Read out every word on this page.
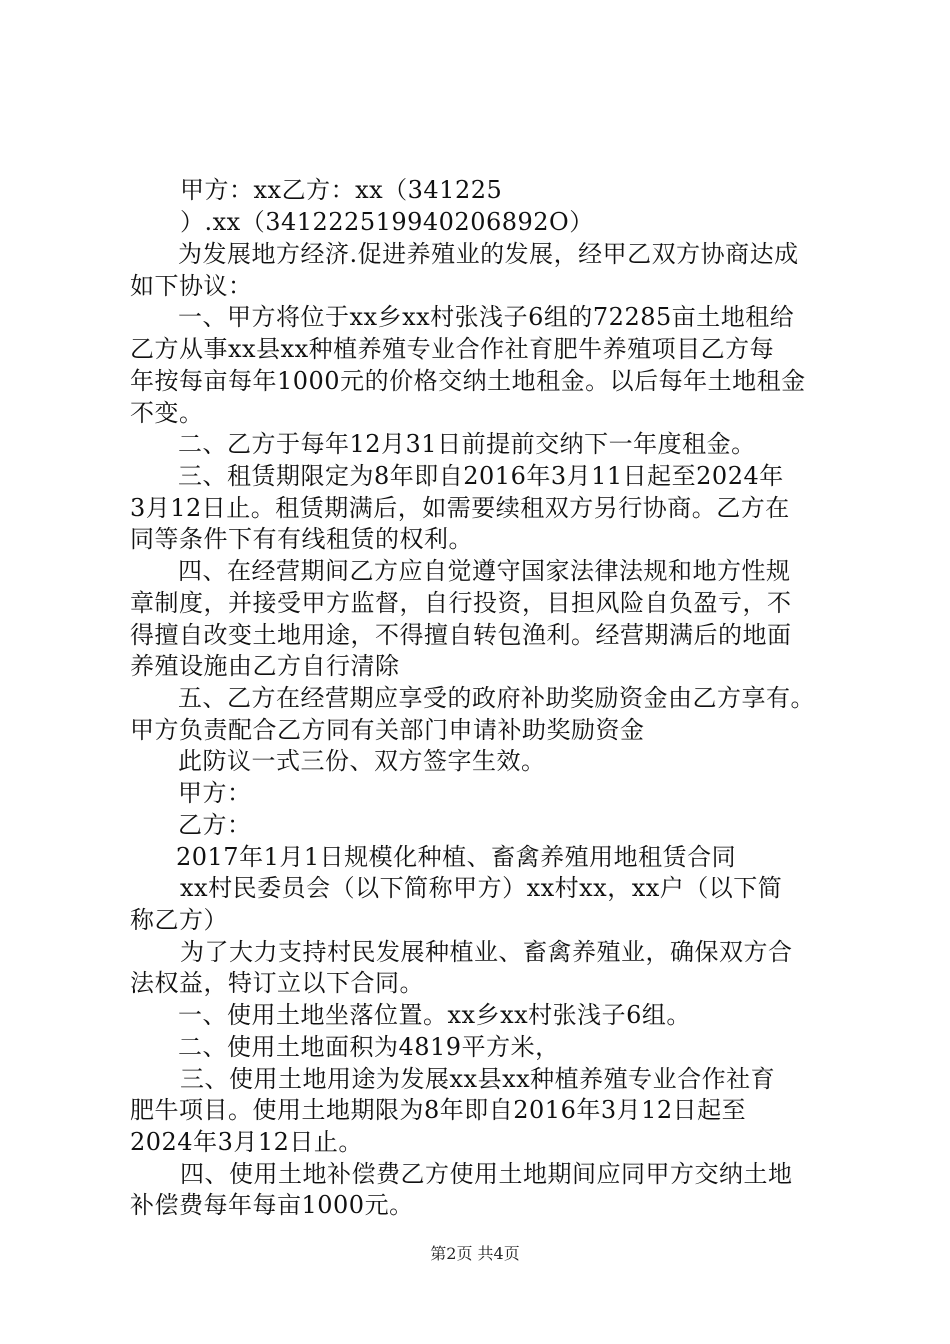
甲方：xx乙方：xx（341225
）.xx（341222519940206892O）
为发展地方经济.促进养殖业的发展，经甲乙双方协商达成
如下协议：
一、甲方将位于xx乡xx村张浅子6组的72285亩土地租给
乙方从事xx县xx种植养殖专业合作社育肥牛养殖项目乙方每
年按每亩每年1000元的价格交纳土地租金。以后每年土地租金
不变。
二、乙方于每年12月31日前提前交纳下一年度租金。
三、租赁期限定为8年即自2016年3月11日起至2024年
3月12日止。租赁期满后，如需要续租双方另行协商。乙方在
同等条件下有有线租赁的权利。
四、在经营期间乙方应自觉遵守国家法律法规和地方性规
章制度，并接受甲方监督，自行投资，目担风险自负盈亏，不
得擅自改变土地用途，不得擅自转包渔利。经营期满后的地面
养殖设施由乙方自行清除
五、乙方在经营期应享受的政府补助奖励资金由乙方享有。
甲方负责配合乙方同有关部门申请补助奖励资金
此防议一式三份、双方签字生效。
甲方：
乙方：
2017年1月1日规模化种植、畜禽养殖用地租赁合同
xx村民委员会（以下简称甲方）xx村xx，xx户（以下简
称乙方）
为了大力支持村民发展种植业、畜禽养殖业，确保双方合
法权益，特订立以下合同。
一、使用土地坐落位置。xx乡xx村张浅子6组。
二、使用土地面积为4819平方米，
三、使用土地用途为发展xx县xx种植养殖专业合作社育
肥牛项目。使用土地期限为8年即自2016年3月12日起至
2024年3月12日止。
四、使用土地补偿费乙方使用土地期间应同甲方交纳土地
补偿费每年每亩1000元。
第2页 共4页
